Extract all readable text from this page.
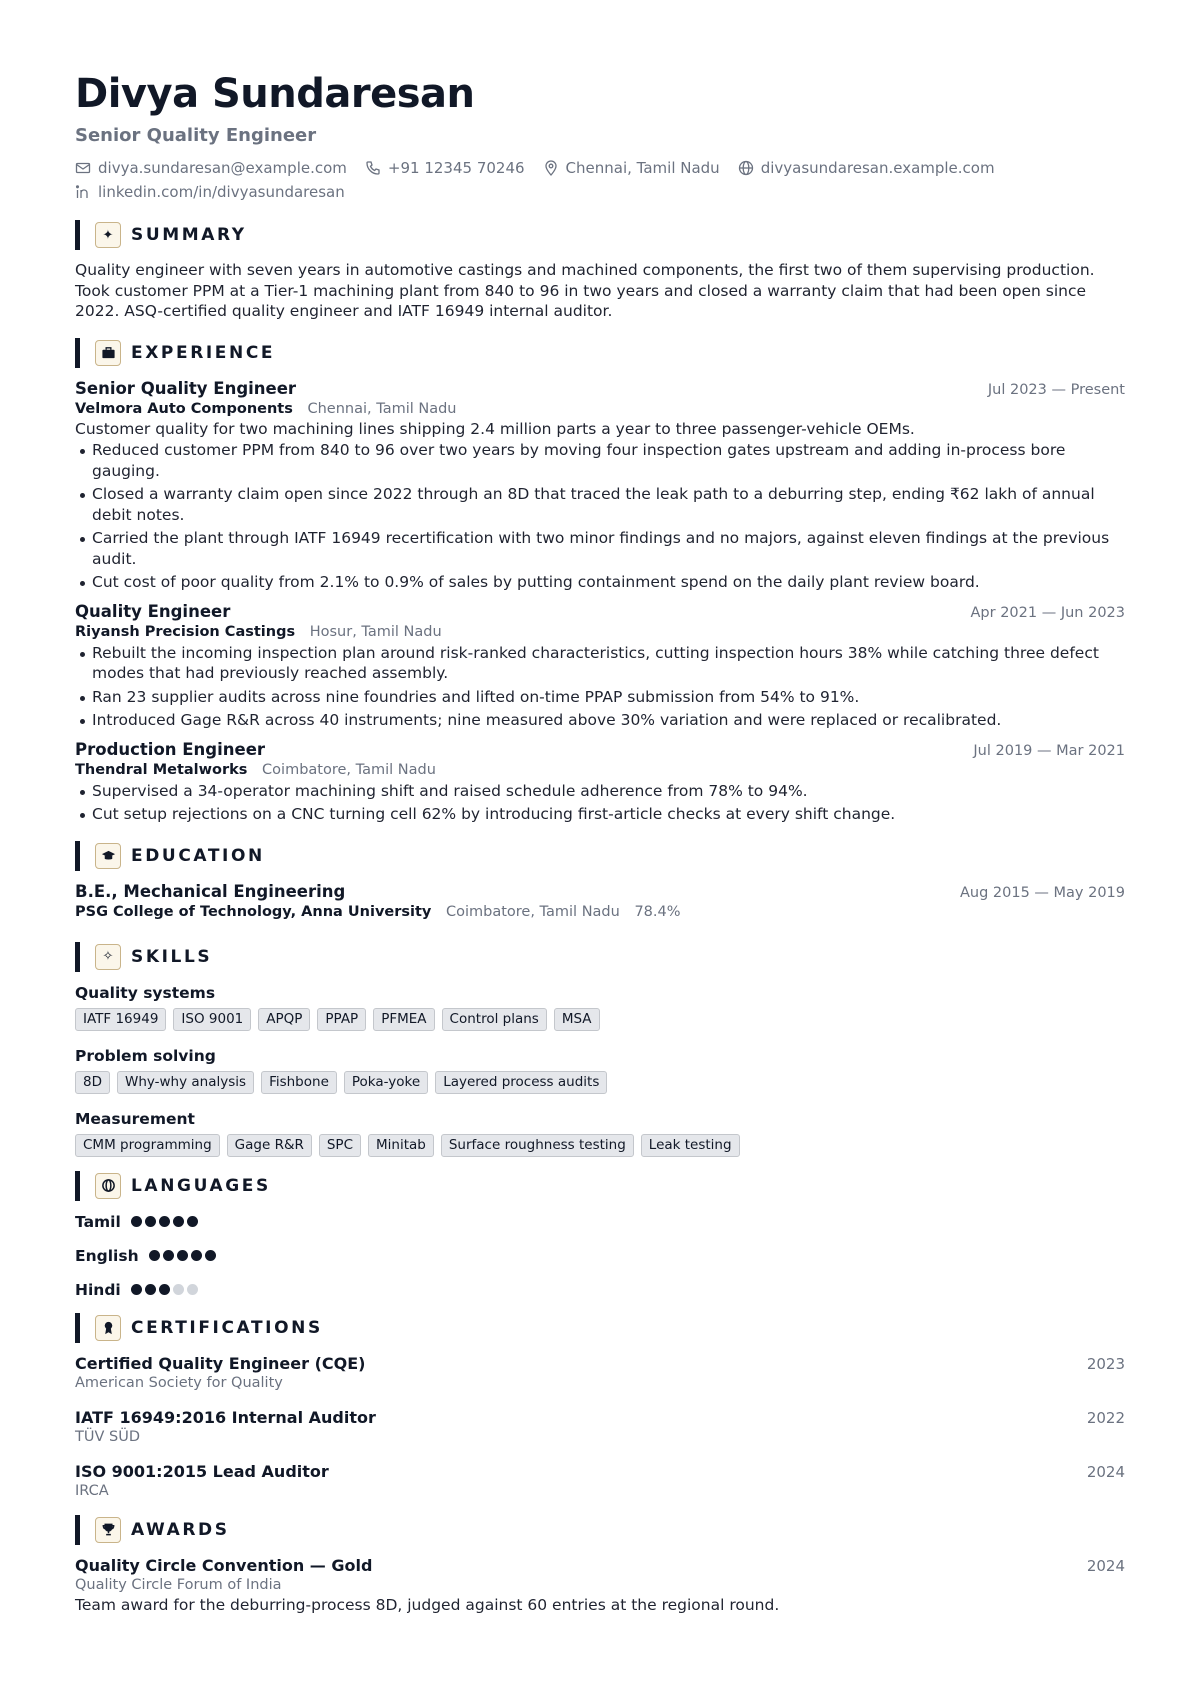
Divya Sundaresan
Senior Quality Engineer
divya.sundaresan@example.com	+91 12345 70246	Chennai, Tamil Nadu	divyasundaresan.example.com
linkedin.com/in/divyasundaresan
✦	SUMMARY

Quality engineer with seven years in automotive castings and machined components, the first two of them supervising production. Took customer PPM at a Tier-1 machining plant from 840 to 96 in two years and closed a warranty claim that had been open since 2022. ASQ-certified quality engineer and IATF 16949 internal auditor.

EXPERIENCE
Senior Quality Engineer	Jul 2023 — Present
Velmora Auto Components Chennai, Tamil Nadu

Customer quality for two machining lines shipping 2.4 million parts a year to three passenger-vehicle OEMs.

Reduced customer PPM from 840 to 96 over two years by moving four inspection gates upstream and adding in-process bore gauging.
Closed a warranty claim open since 2022 through an 8D that traced the leak path to a deburring step, ending ₹62 lakh of annual debit notes.
Carried the plant through IATF 16949 recertification with two minor findings and no majors, against eleven findings at the previous audit.
Cut cost of poor quality from 2.1% to 0.9% of sales by putting containment spend on the daily plant review board.
Quality Engineer	Apr 2021 — Jun 2023
Riyansh Precision Castings Hosur, Tamil Nadu
Rebuilt the incoming inspection plan around risk-ranked characteristics, cutting inspection hours 38% while catching three defect modes that had previously reached assembly.
Ran 23 supplier audits across nine foundries and lifted on-time PPAP submission from 54% to 91%.
Introduced Gage R&R across 40 instruments; nine measured above 30% variation and were replaced or recalibrated.
Production Engineer	Jul 2019 — Mar 2021
Thendral Metalworks Coimbatore, Tamil Nadu
Supervised a 34-operator machining shift and raised schedule adherence from 78% to 94%.
Cut setup rejections on a CNC turning cell 62% by introducing first-article checks at every shift change.
EDUCATION
B.E., Mechanical Engineering	Aug 2015 — May 2019
PSG College of Technology, Anna University Coimbatore, Tamil Nadu 78.4%
✧	SKILLS
Quality systems
IATF 16949	ISO 9001	APQP	PPAP	PFMEA	Control plans	MSA
Problem solving
8D	Why-why analysis	Fishbone	Poka-yoke	Layered process audits
Measurement
CMM programming	Gage R&R	SPC	Minitab	Surface roughness testing	Leak testing
LANGUAGES
Tamil
English
Hindi
CERTIFICATIONS
Certified Quality Engineer (CQE)	2023
American Society for Quality
IATF 16949:2016 Internal Auditor	2022
TÜV SÜD
ISO 9001:2015 Lead Auditor	2024
IRCA
AWARDS
Quality Circle Convention — Gold	2024
Quality Circle Forum of India
Team award for the deburring-process 8D, judged against 60 entries at the regional round.
